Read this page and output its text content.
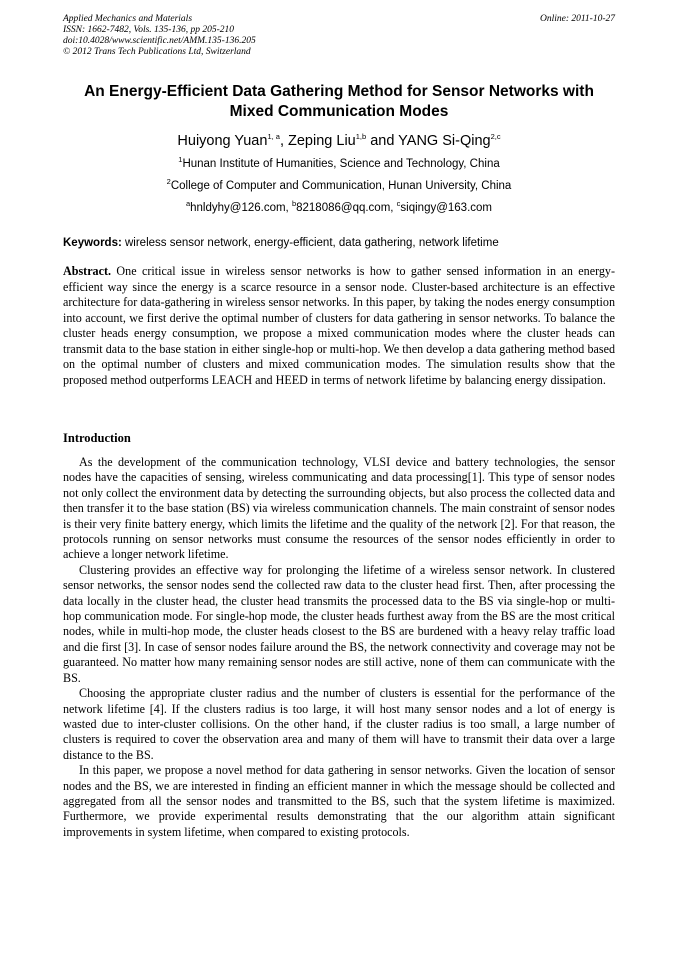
Applied Mechanics and Materials
ISSN: 1662-7482, Vols. 135-136, pp 205-210
doi:10.4028/www.scientific.net/AMM.135-136.205
© 2012 Trans Tech Publications Ltd, Switzerland
Online: 2011-10-27
An Energy-Efficient Data Gathering Method for Sensor Networks with
Mixed Communication Modes
Huiyong Yuan$^{1, a}$, Zeping Liu$^{1,b}$ and YANG Si-Qing$^{2,c}$
$^1$Hunan Institute of Humanities, Science and Technology, China
$^2$College of Computer and Communication, Hunan University, China
$^a$hnldyhy@126.com, $^b$8218086@qq.com, $^c$siqingy@163.com
Keywords: wireless sensor network, energy-efficient, data gathering, network lifetime
Abstract. One critical issue in wireless sensor networks is how to gather sensed information in an energy-efficient way since the energy is a scarce resource in a sensor node. Cluster-based architecture is an effective architecture for data-gathering in wireless sensor networks. In this paper, by taking the nodes energy consumption into account, we first derive the optimal number of clusters for data gathering in sensor networks. To balance the cluster heads energy consumption, we propose a mixed communication modes where the cluster heads can transmit data to the base station in either single-hop or multi-hop. We then develop a data gathering method based on the optimal number of clusters and mixed communication modes. The simulation results show that the proposed method outperforms LEACH and HEED in terms of network lifetime by balancing energy dissipation.
Introduction

As the development of the communication technology, VLSI device and battery technologies, the sensor nodes have the capacities of sensing, wireless communicating and data processing[1]. This type of sensor nodes not only collect the environment data by detecting the surrounding objects, but also process the collected data and then transfer it to the base station (BS) via wireless communication channels. The main constraint of sensor nodes is their very finite battery energy, which limits the lifetime and the quality of the network [2]. For that reason, the protocols running on sensor networks must consume the resources of the sensor nodes efficiently in order to achieve a longer network lifetime.

Clustering provides an effective way for prolonging the lifetime of a wireless sensor network. In clustered sensor networks, the sensor nodes send the collected raw data to the cluster head first. Then, after processing the data locally in the cluster head, the cluster head transmits the processed data to the BS via single-hop or multi-hop communication mode. For single-hop mode, the cluster heads furthest away from the BS are the most critical nodes, while in multi-hop mode, the cluster heads closest to the BS are burdened with a heavy relay traffic load and die first [3]. In case of sensor nodes failure around the BS, the network connectivity and coverage may not be guaranteed. No matter how many remaining sensor nodes are still active, none of them can communicate with the BS.

Choosing the appropriate cluster radius and the number of clusters is essential for the performance of the network lifetime [4]. If the clusters radius is too large, it will host many sensor nodes and a lot of energy is wasted due to inter-cluster collisions. On the other hand, if the cluster radius is too small, a large number of clusters is required to cover the observation area and many of them will have to transmit their data over a large distance to the BS.

In this paper, we propose a novel method for data gathering in sensor networks. Given the location of sensor nodes and the BS, we are interested in finding an efficient manner in which the message should be collected and aggregated from all the sensor nodes and transmitted to the BS, such that the system lifetime is maximized. Furthermore, we provide experimental results demonstrating that the our algorithm attain significant improvements in system lifetime, when compared to existing protocols.
